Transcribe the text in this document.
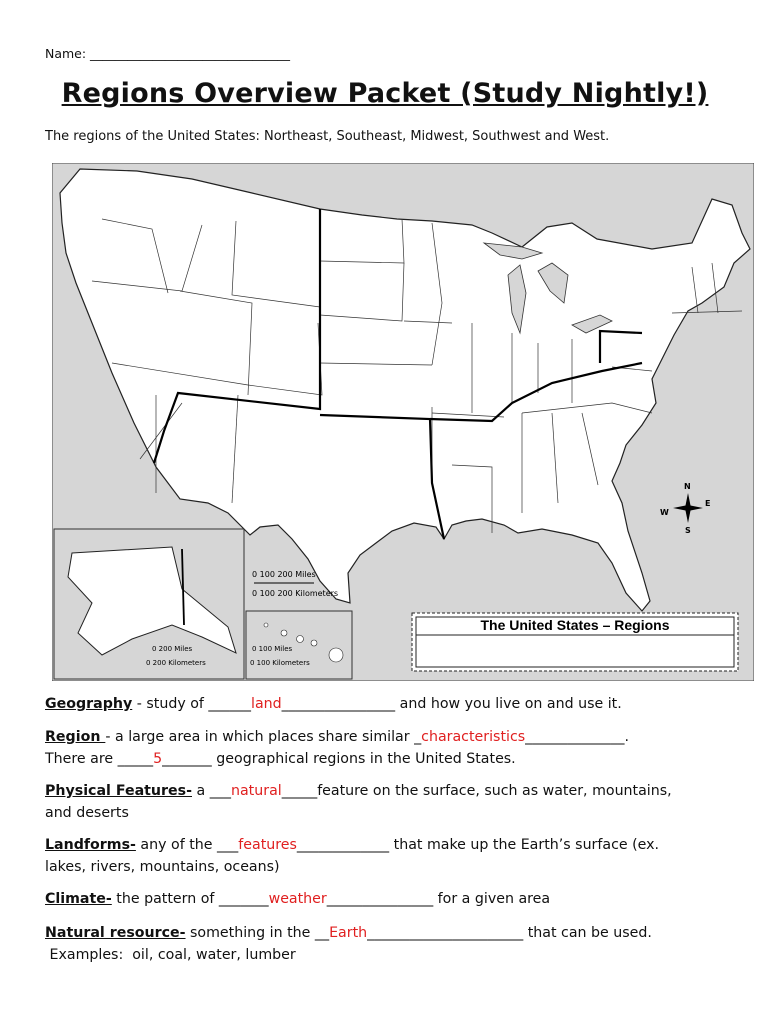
Name: ________________________________
Regions Overview Packet (Study Nightly!)
The regions of the United States: Northeast, Southeast, Midwest, Southwest and West.
0 200 Miles
0 200 Kilometers
0 100 Miles
0 100 Kilometers
0 100 200 Miles
0 100 200 Kilometers
N
S
E
W
The United States – Regions
Geography - study of ______land________________ and how you live on and use it.
Region - a large area in which places share similar _characteristics______________.
There are _____5_______ geographical regions in the United States.
Physical Features- a ___natural_____feature on the surface, such as water, mountains,
and deserts
Landforms- any of the ___features_____________ that make up the Earth’s surface (ex.
lakes, rivers, mountains, oceans)
Climate- the pattern of _______weather_______________ for a given area
Natural resource- something in the __Earth______________________ that can be used.
Examples:  oil, coal, water, lumber
